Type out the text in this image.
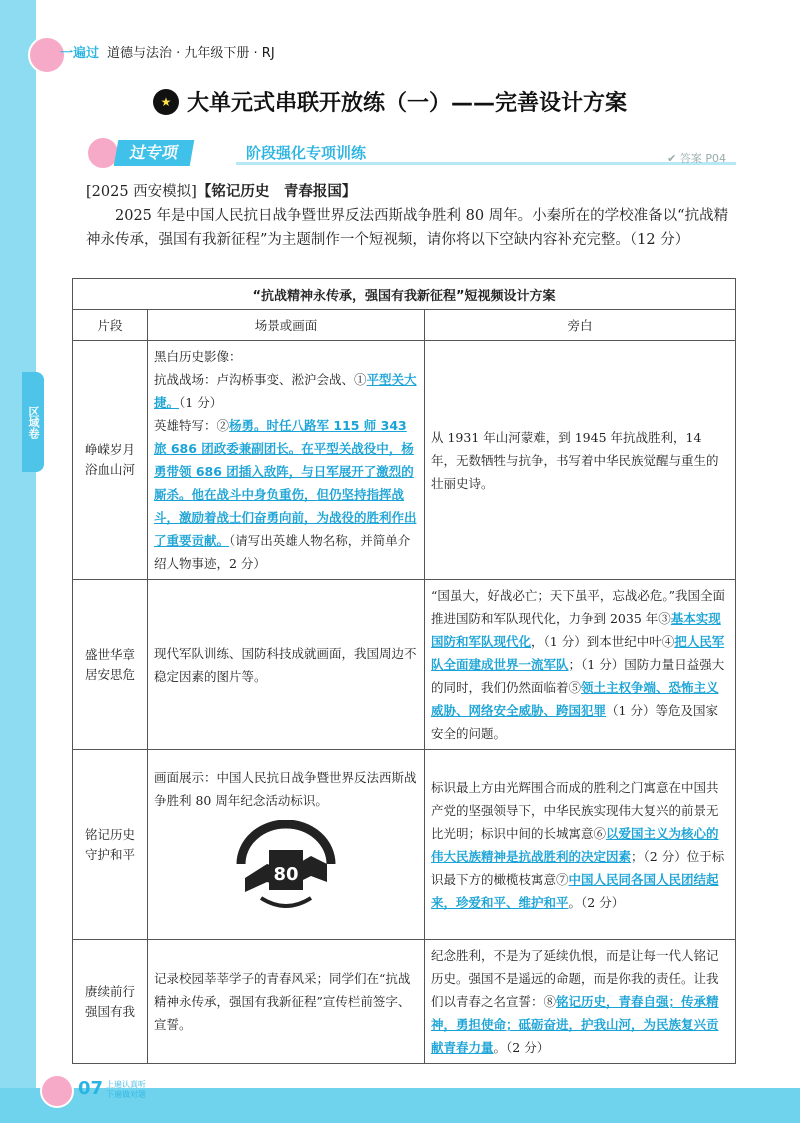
区域卷
一遍过 道德与法治 · 九年级下册 · RJ
★ 大单元式串联开放练（一）——完善设计方案
过专项	阶段强化专项训练	✔ 答案 P04
[2025 西安模拟]【铭记历史　青春报国】
2025 年是中国人民抗日战争暨世界反法西斯战争胜利 80 周年。小秦所在的学校准备以“抗战精神永传承，强国有我新征程”为主题制作一个短视频，请你将以下空缺内容补充完整。（12 分）
“抗战精神永传承，强国有我新征程”短视频设计方案		
片段	场景或画面	旁白
峥嵘岁月
浴血山河	黑白历史影像：
抗战战场：卢沟桥事变、淞沪会战、①平型关大捷。（1 分）
英雄特写：②杨勇。时任八路军 115 师 343 旅 686 团政委兼副团长。在平型关战役中，杨勇带领 686 团插入敌阵，与日军展开了激烈的厮杀。他在战斗中身负重伤，但仍坚持指挥战斗，激励着战士们奋勇向前，为战役的胜利作出了重要贡献。（请写出英雄人物名称，并简单介绍人物事迹，2 分）	从 1931 年山河蒙难，到 1945 年抗战胜利，14 年，无数牺牲与抗争，书写着中华民族觉醒与重生的壮丽史诗。
盛世华章
居安思危	现代军队训练、国防科技成就画面，我国周边不稳定因素的图片等。	“国虽大，好战必亡；天下虽平，忘战必危。”我国全面推进国防和军队现代化，力争到 2035 年③基本实现国防和军队现代化，（1 分）到本世纪中叶④把人民军队全面建成世界一流军队；（1 分）国防力量日益强大的同时，我们仍然面临着⑤领土主权争端、恐怖主义威胁、网络安全威胁、跨国犯罪（1 分）等危及国家安全的问题。
铭记历史
守护和平	画面展示：中国人民抗日战争暨世界反法西斯战争胜利 80 周年纪念活动标识。
80	标识最上方由光辉围合而成的胜利之门寓意在中国共产党的坚强领导下，中华民族实现伟大复兴的前景无比光明；标识中间的长城寓意⑥以爱国主义为核心的伟大民族精神是抗战胜利的决定因素；（2 分）位于标识最下方的橄榄枝寓意⑦中国人民同各国人民团结起来，珍爱和平、维护和平。（2 分）
赓续前行
强国有我	记录校园莘莘学子的青春风采；同学们在“抗战精神永传承，强国有我新征程”宣传栏前签字、宣誓。	纪念胜利，不是为了延续仇恨，而是让每一代人铭记历史。强国不是遥远的命题，而是你我的责任。让我们以青春之名宣誓：⑧铭记历史，青春自强；传承精神，勇担使命；砥砺奋进，护我山河，为民族复兴贡献青春力量。（2 分）
07 上遍认真听
下遍做对题
